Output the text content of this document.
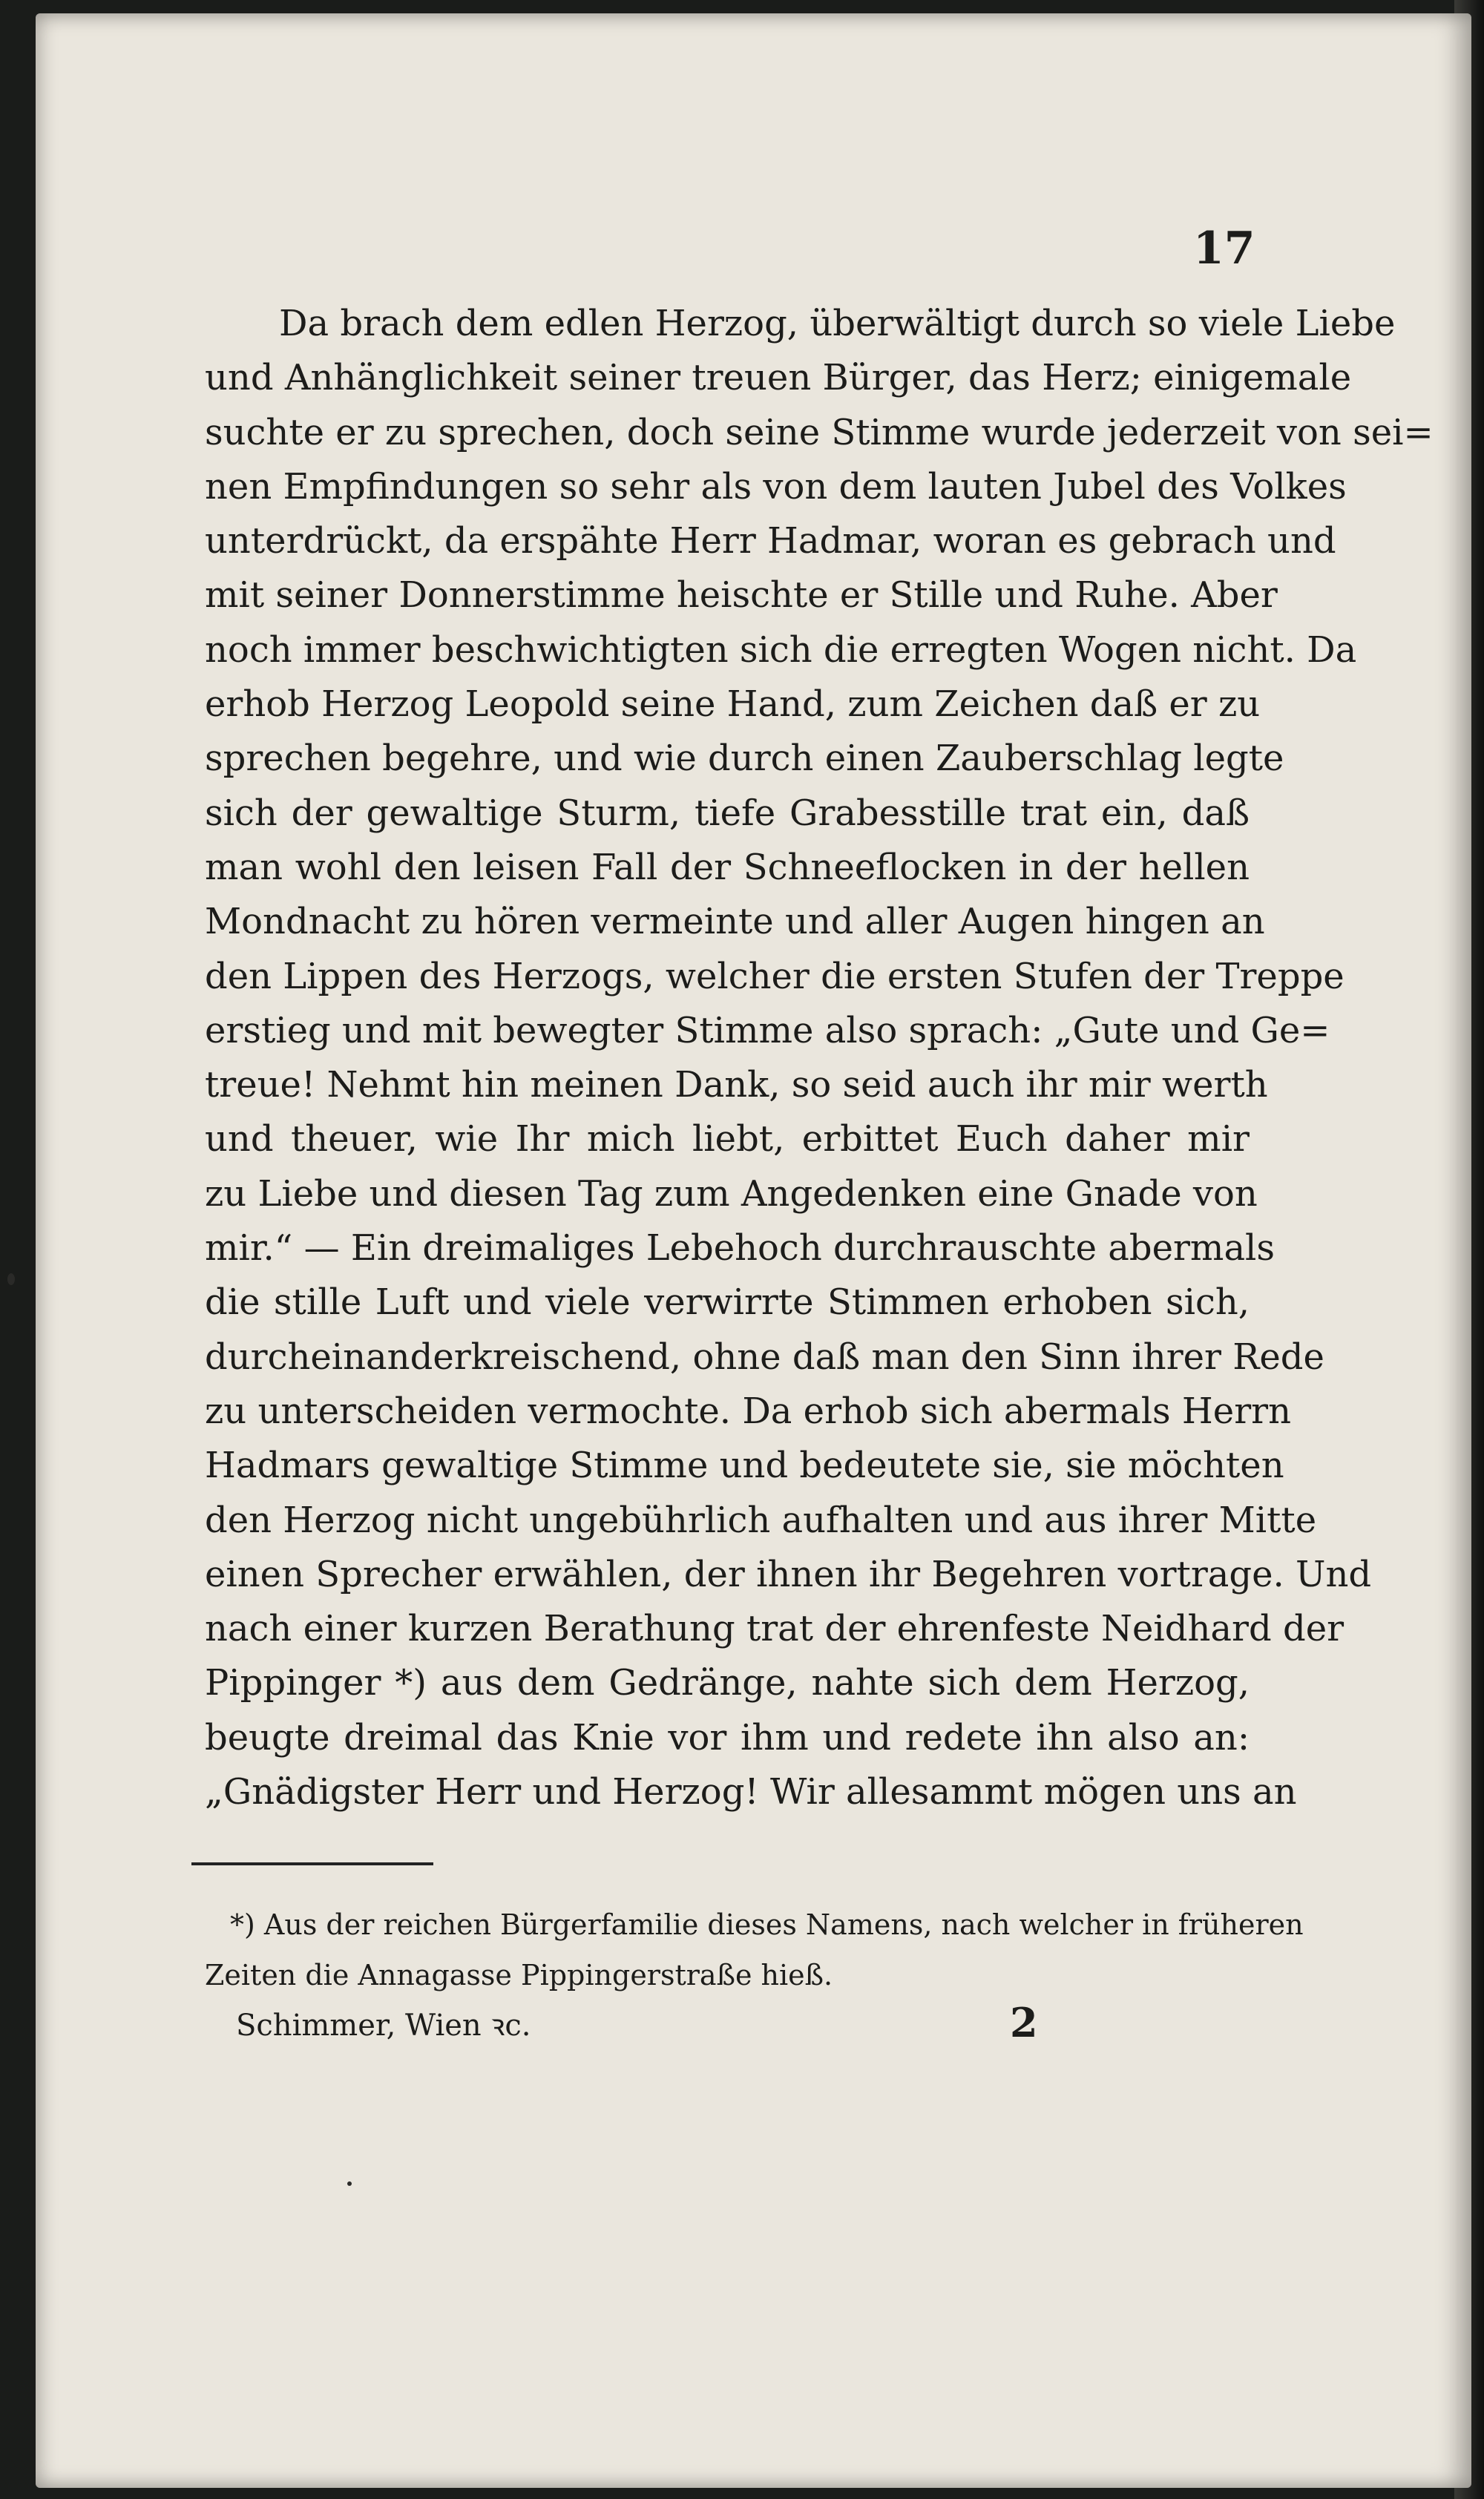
17
Da brach dem edlen Herzog, überwältigt durch so viele Liebe
und Anhänglichkeit seiner treuen Bürger, das Herz; einigemale
suchte er zu sprechen, doch seine Stimme wurde jederzeit von sei=
nen Empfindungen so sehr als von dem lauten Jubel des Volkes
unterdrückt, da erspähte Herr Hadmar, woran es gebrach und
mit seiner Donnerstimme heischte er Stille und Ruhe. Aber
noch immer beschwichtigten sich die erregten Wogen nicht. Da
erhob Herzog Leopold seine Hand, zum Zeichen daß er zu
sprechen begehre, und wie durch einen Zauberschlag legte
sich der gewaltige Sturm, tiefe Grabesstille trat ein, daß
man wohl den leisen Fall der Schneeflocken in der hellen
Mondnacht zu hören vermeinte und aller Augen hingen an
den Lippen des Herzogs, welcher die ersten Stufen der Treppe
erstieg und mit bewegter Stimme also sprach: „Gute und Ge=
treue! Nehmt hin meinen Dank, so seid auch ihr mir werth
und theuer, wie Ihr mich liebt, erbittet Euch daher mir
zu Liebe und diesen Tag zum Angedenken eine Gnade von
mir.“ — Ein dreimaliges Lebehoch durchrauschte abermals
die stille Luft und viele verwirrte Stimmen erhoben sich,
durcheinanderkreischend, ohne daß man den Sinn ihrer Rede
zu unterscheiden vermochte. Da erhob sich abermals Herrn
Hadmars gewaltige Stimme und bedeutete sie, sie möchten
den Herzog nicht ungebührlich aufhalten und aus ihrer Mitte
einen Sprecher erwählen, der ihnen ihr Begehren vortrage. Und
nach einer kurzen Berathung trat der ehrenfeste Neidhard der
Pippinger *) aus dem Gedränge, nahte sich dem Herzog,
beugte dreimal das Knie vor ihm und redete ihn also an:
„Gnädigster Herr und Herzog! Wir allesammt mögen uns an
*) Aus der reichen Bürgerfamilie dieses Namens, nach welcher in früheren
Zeiten die Annagasse Pippingerstraße hieß.
Schimmer, Wien ꝛc.	2
